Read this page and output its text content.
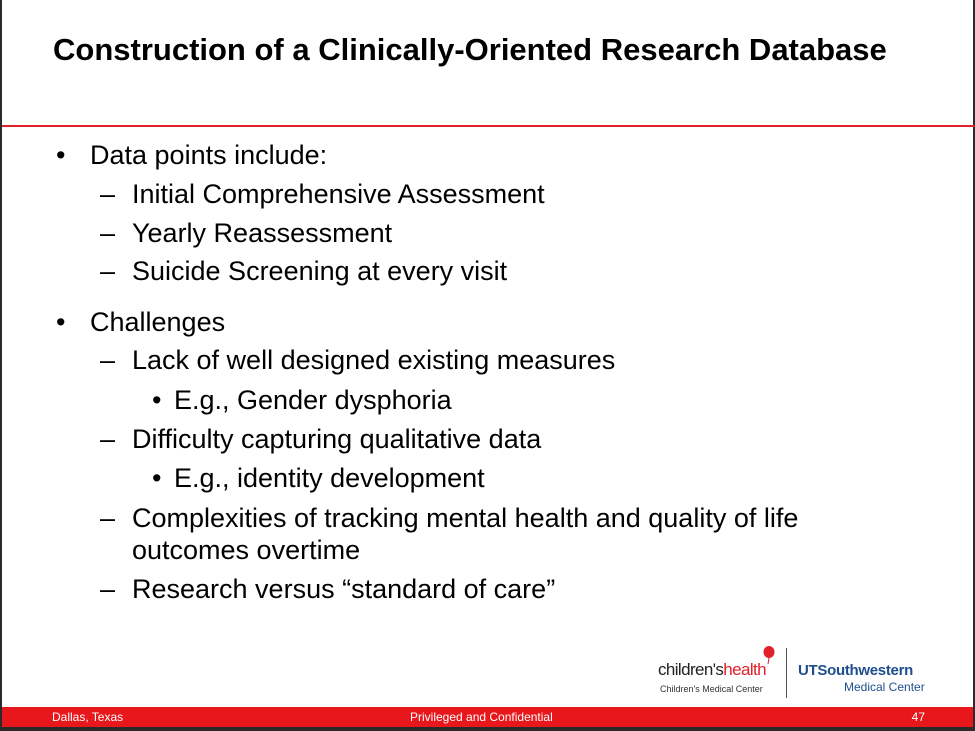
Construction of a Clinically-Oriented Research Database
• Data points include:
– Initial Comprehensive Assessment
– Yearly Reassessment
– Suicide Screening at every visit
• Challenges
– Lack of well designed existing measures
• E.g., Gender dysphoria
– Difficulty capturing qualitative data
• E.g., identity development
– Complexities of tracking mental health and quality of life outcomes overtime
– Research versus “standard of care”
children'shealth
Children's Medical Center
UTSouthwestern
Medical Center
Dallas, Texas	Privileged and Confidential	47
